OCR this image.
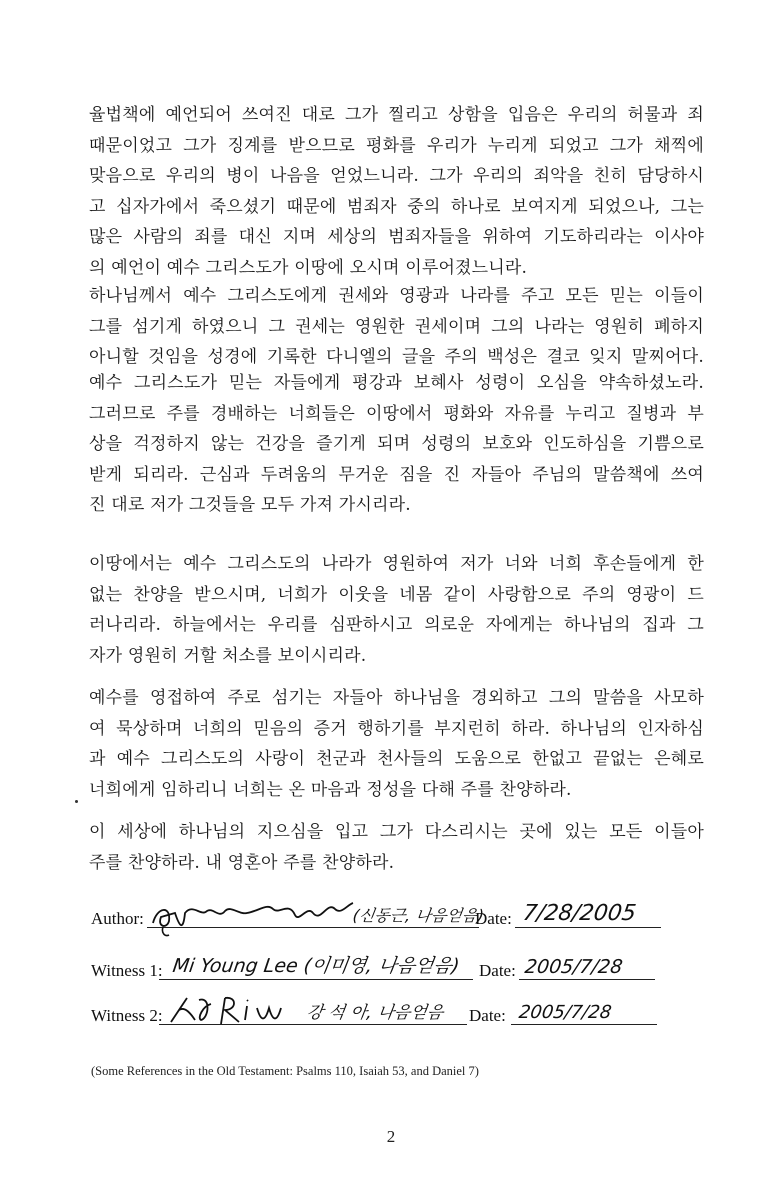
율법책에 예언되어 쓰여진 대로 그가 찔리고 상함을 입음은 우리의 허물과 죄
때문이었고 그가 징계를 받으므로 평화를 우리가 누리게 되었고 그가 채찍에
맞음으로 우리의 병이 나음을 얻었느니라. 그가 우리의 죄악을 친히 담당하시
고 십자가에서 죽으셨기 때문에 범죄자 중의 하나로 보여지게 되었으나, 그는
많은 사람의 죄를 대신 지며 세상의 범죄자들을 위하여 기도하리라는 이사야
의 예언이 예수 그리스도가 이땅에 오시며 이루어졌느니라.

하나님께서 예수 그리스도에게 권세와 영광과 나라를 주고 모든 믿는 이들이
그를 섬기게 하였으니 그 권세는 영원한 권세이며 그의 나라는 영원히 폐하지
아니할 것임을 성경에 기록한 다니엘의 글을 주의 백성은 결코 잊지 말찌어다.

예수 그리스도가 믿는 자들에게 평강과 보혜사 성령이 오심을 약속하셨노라.
그러므로 주를 경배하는 너희들은 이땅에서 평화와 자유를 누리고 질병과 부
상을 걱정하지 않는 건강을 즐기게 되며 성령의 보호와 인도하심을 기쁨으로
받게 되리라. 근심과 두려움의 무거운 짐을 진 자들아 주님의 말씀책에 쓰여
진 대로 저가 그것들을 모두 가져 가시리라.

이땅에서는 예수 그리스도의 나라가 영원하여 저가 너와 너희 후손들에게 한
없는 찬양을 받으시며, 너희가 이웃을 네몸 같이 사랑함으로 주의 영광이 드
러나리라. 하늘에서는 우리를 심판하시고 의로운 자에게는 하나님의 집과 그
자가 영원히 거할 처소를 보이시리라.

예수를 영접하여 주로 섬기는 자들아 하나님을 경외하고 그의 말씀을 사모하
여 묵상하며 너희의 믿음의 증거 행하기를 부지런히 하라. 하나님의 인자하심
과 예수 그리스도의 사랑이 천군과 천사들의 도움으로 한없고 끝없는 은혜로
너희에게 임하리니 너희는 온 마음과 정성을 다해 주를 찬양하라.

이 세상에 하나님의 지으심을 입고 그가 다스리시는 곳에 있는 모든 이들아
주를 찬양하라. 내 영혼아 주를 찬양하라.

Author:	(신동근, 나음얻음)
Date: 7/28/2005
Witness 1: Mi Young Lee (이미영, 나음얻음) Date: 2005/7/28
Witness 2:	강 석 아, 나음얻음 Date: 2005/7/28
(Some References in the Old Testament: Psalms 110, Isaiah 53, and Daniel 7)
2
